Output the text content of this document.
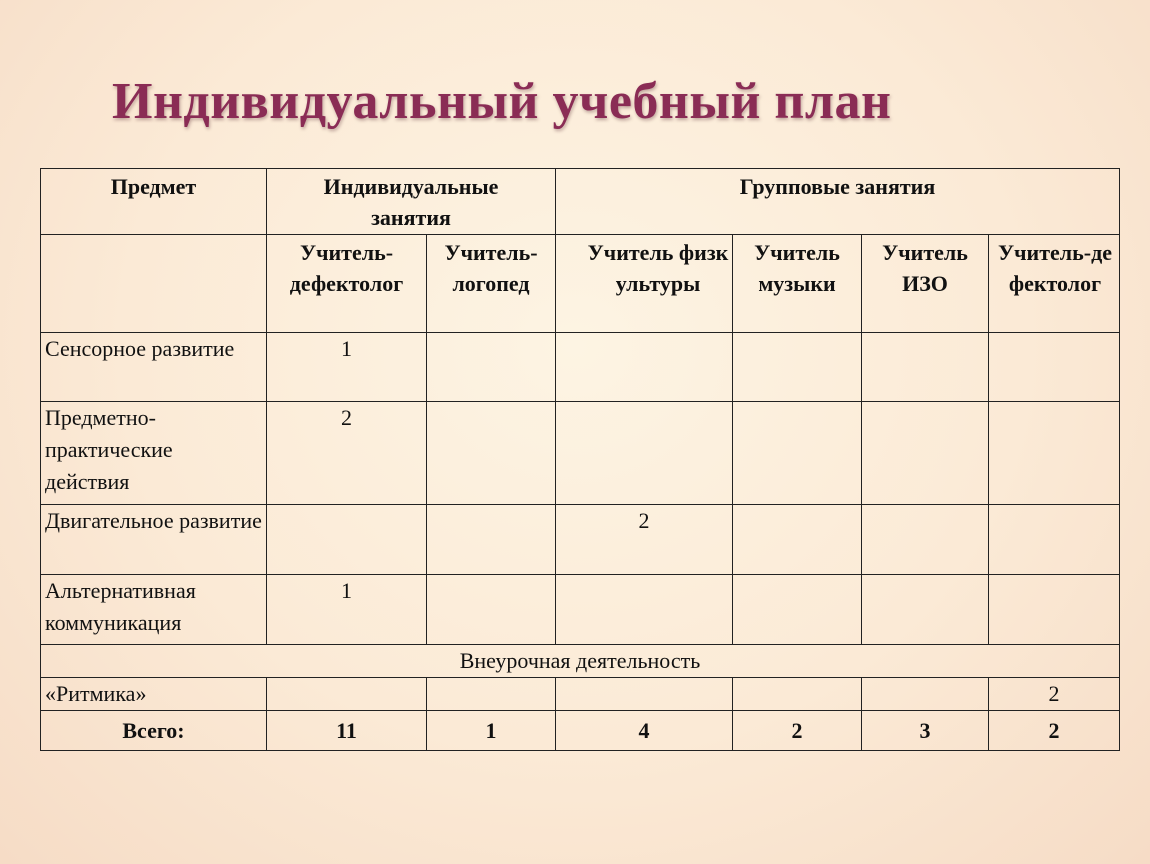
Индивидуальный учебный план
Предмет	Индивидуальные занятия		Групповые занятия			
	Учитель-дефектолог	Учитель-логопед	Учитель физкультуры	Учитель музыки	Учитель ИЗО	Учитель-дефектолог
Сенсорное развитие	1					
Предметно-практические действия	2					
Двигательное развитие			2			
Альтернативная коммуникация	1					
Внеурочная деятельность						
«Ритмика»						2
Всего:	11	1	4	2	3	2
